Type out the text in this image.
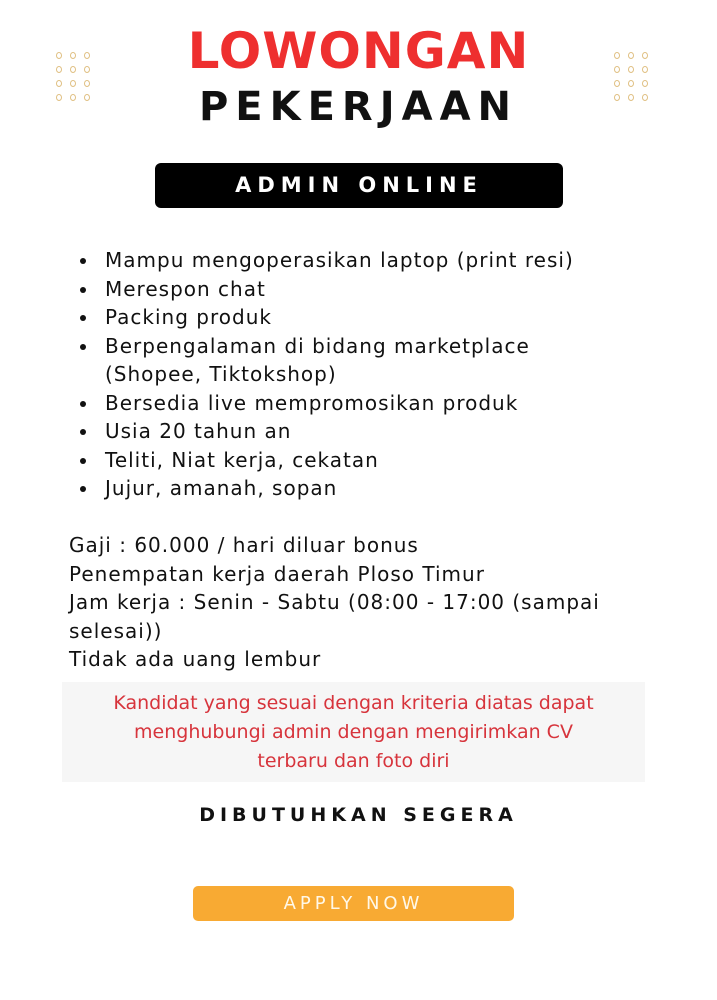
LOWONGAN
PEKERJAAN
ADMIN ONLINE
Mampu mengoperasikan laptop (print resi)
Merespon chat
Packing produk
Berpengalaman di bidang marketplace (Shopee, Tiktokshop)
Bersedia live mempromosikan produk
Usia 20 tahun an
Teliti, Niat kerja, cekatan
Jujur, amanah, sopan
Gaji : 60.000 / hari diluar bonus
Penempatan kerja daerah Ploso Timur
Jam kerja : Senin - Sabtu (08:00 - 17:00 (sampai
selesai))
Tidak ada uang lembur
Kandidat yang sesuai dengan kriteria diatas dapat
menghubungi admin dengan mengirimkan CV
terbaru dan foto diri
DIBUTUHKAN SEGERA
APPLY NOW
